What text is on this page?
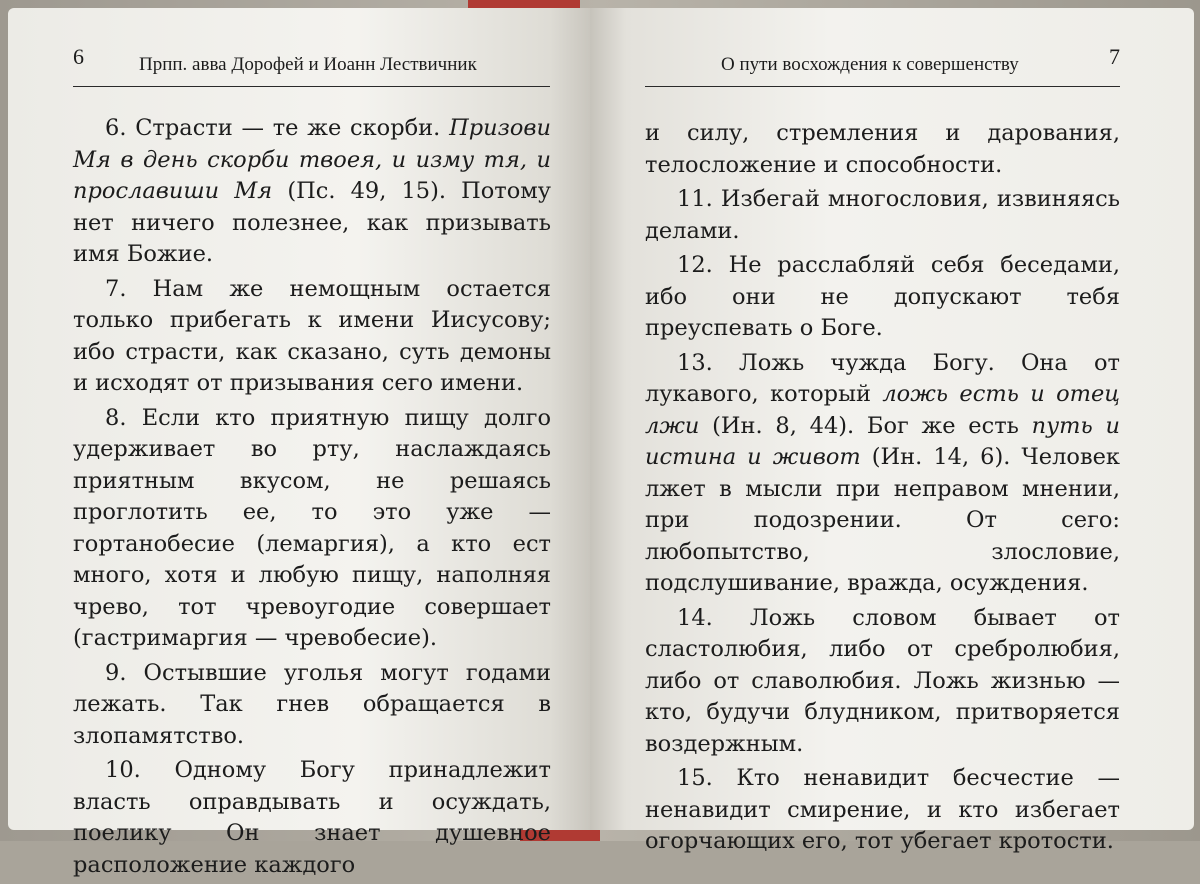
6	Прпп. авва Дорофей и Иоанн Лествичник

6. Страсти — те же скорби. Призови Мя в день скорби твоея, и изму тя, и прославиши Мя (Пс. 49, 15). Потому нет ничего полезнее, как призывать имя Божие.

7. Нам же немощным остается только прибегать к имени Иисусову; ибо страсти, как сказано, суть демоны и исходят от призывания сего имени.

8. Если кто приятную пищу долго удерживает во рту, наслаждаясь приятным вкусом, не решаясь проглотить ее, то это уже — гортанобесие (лемаргия), а кто ест много, хотя и любую пищу, наполняя чрево, тот чревоугодие совершает (гастримаргия — чревобесие).

9. Остывшие уголья могут годами лежать. Так гнев обращается в злопамятство.

10. Одному Богу принадлежит власть оправдывать и осуждать, поелику Он знает душевное расположение каждого

О пути восхождения к совершенству	7

и силу, стремления и дарования, телосложение и способности.

11. Избегай многословия, извиняясь делами.

12. Не расслабляй себя беседами, ибо они не допускают тебя преуспевать о Боге.

13. Ложь чужда Богу. Она от лукавого, который ложь есть и отец лжи (Ин. 8, 44). Бог же есть путь и истина и живот (Ин. 14, 6). Человек лжет в мысли при неправом мнении, при подозрении. От сего: любопытство, злословие, подслушивание, вражда, осуждения.

14. Ложь словом бывает от сластолюбия, либо от сребролюбия, либо от славолюбия. Ложь жизнью — кто, будучи блудником, притворяется воздержным.

15. Кто ненавидит бесчестие — ненавидит смирение, и кто избегает огорчающих его, тот убегает кротости.
